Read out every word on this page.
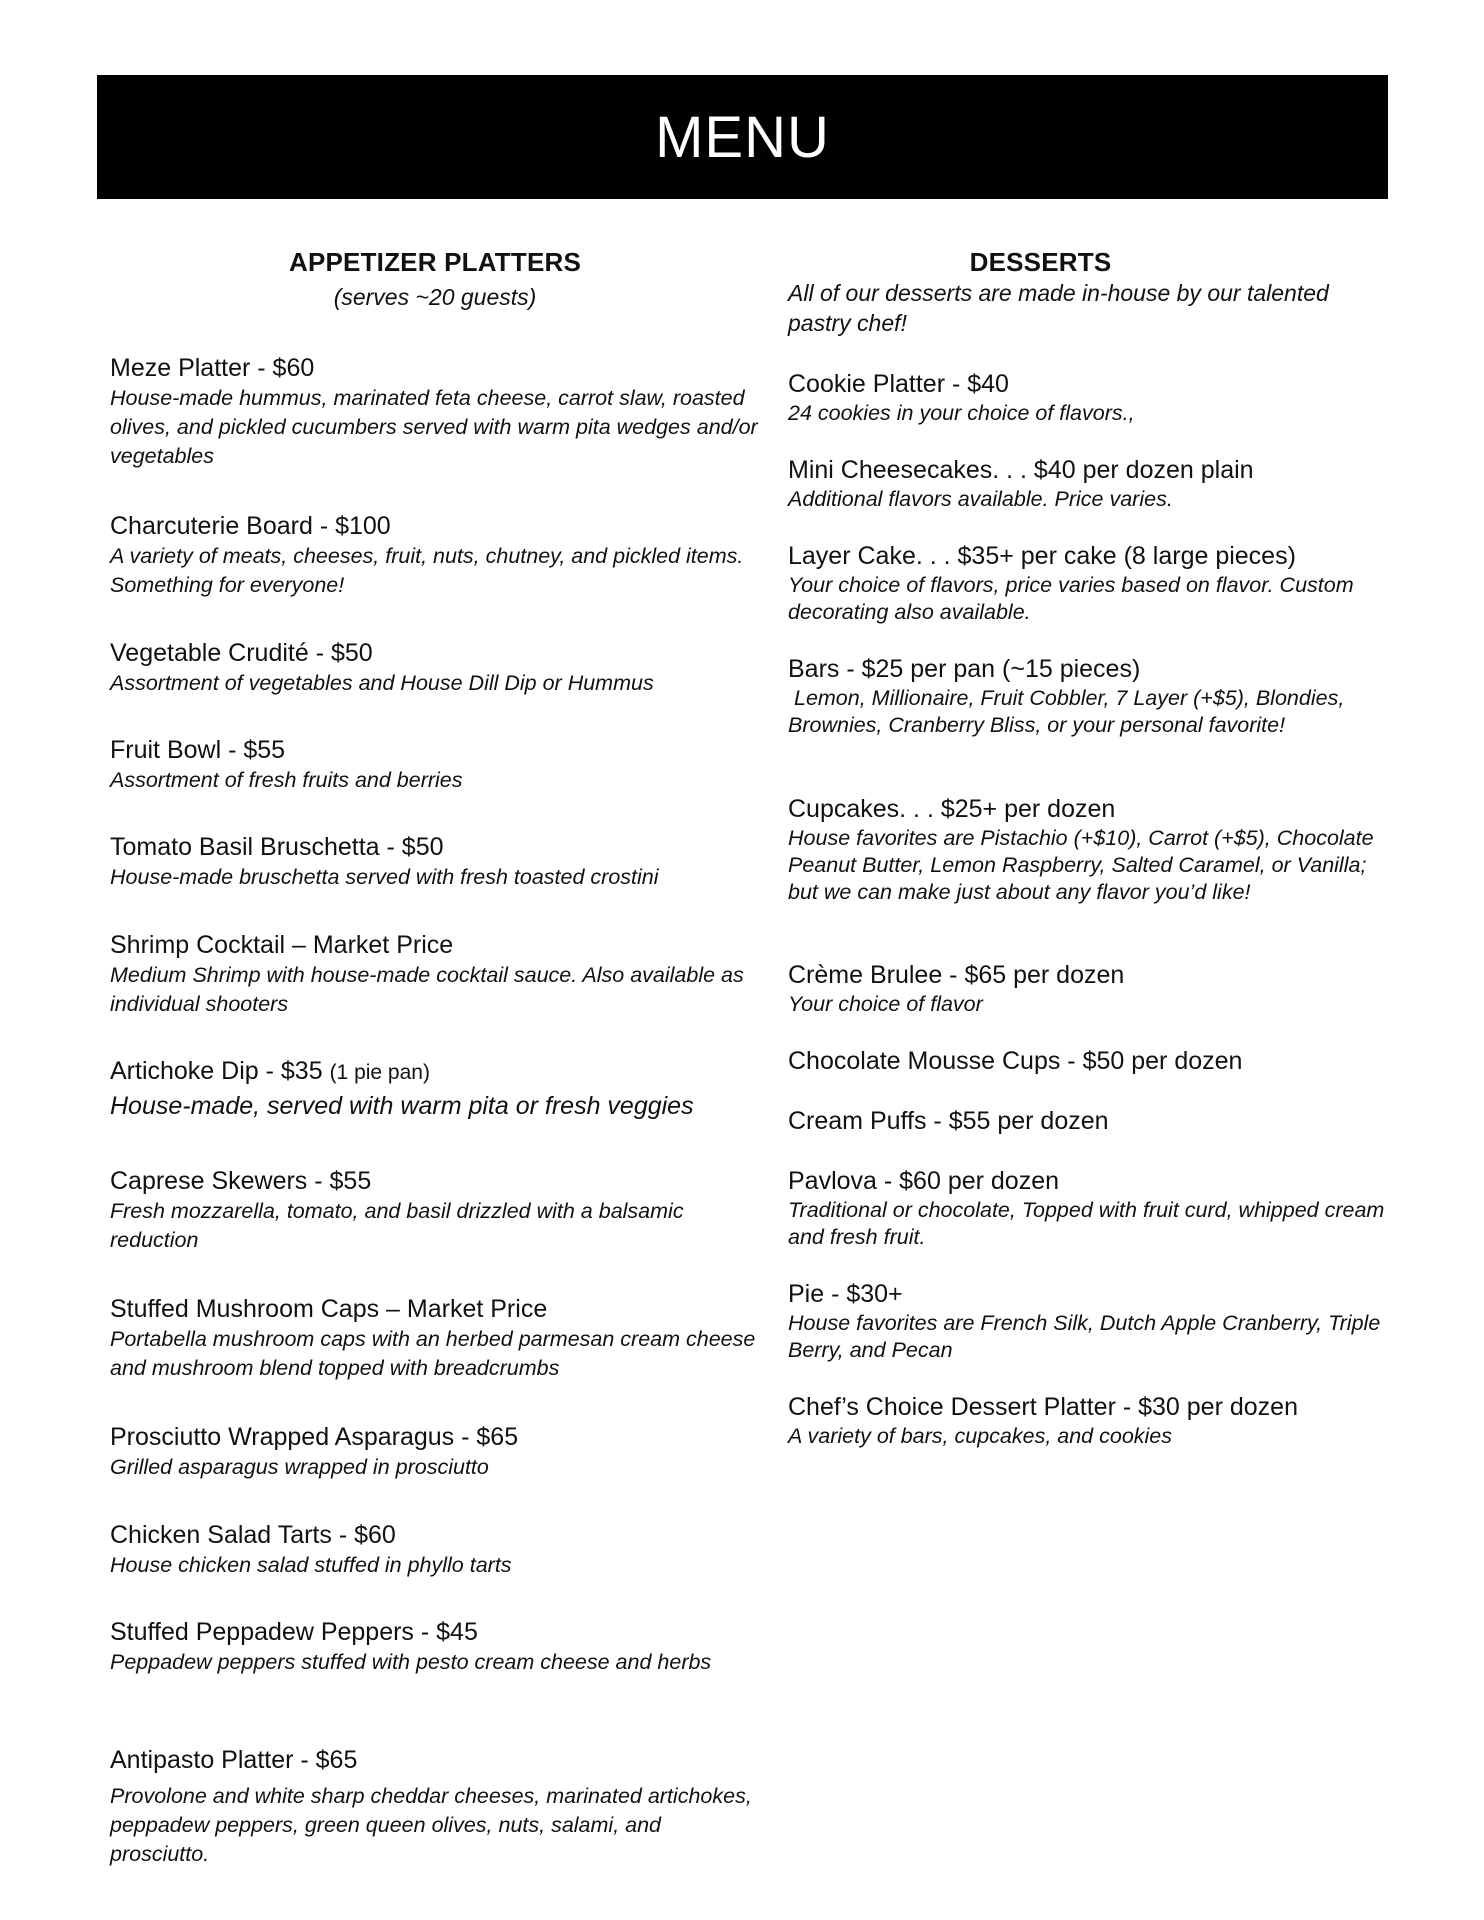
MENU
APPETIZER PLATTERS

(serves ~20 guests)

Meze Platter - $60

House-made hummus, marinated feta cheese, carrot slaw, roasted olives, and pickled cucumbers served with warm pita wedges and/or vegetables

Charcuterie Board - $100

A variety of meats, cheeses, fruit, nuts, chutney, and pickled items. Something for everyone!

Vegetable Crudité - $50

Assortment of vegetables and House Dill Dip or Hummus

Fruit Bowl - $55

Assortment of fresh fruits and berries

Tomato Basil Bruschetta - $50

House-made bruschetta served with fresh toasted crostini

Shrimp Cocktail – Market Price

Medium Shrimp with house-made cocktail sauce. Also available as individual shooters

Artichoke Dip - $35 (1 pie pan)

House-made, served with warm pita or fresh veggies

Caprese Skewers - $55

Fresh mozzarella, tomato, and basil drizzled with a balsamic reduction

Stuffed Mushroom Caps – Market Price

Portabella mushroom caps with an herbed parmesan cream cheese and mushroom blend topped with breadcrumbs

Prosciutto Wrapped Asparagus - $65

Grilled asparagus wrapped in prosciutto

Chicken Salad Tarts - $60

House chicken salad stuffed in phyllo tarts

Stuffed Peppadew Peppers - $45

Peppadew peppers stuffed with pesto cream cheese and herbs

Antipasto Platter - $65

Provolone and white sharp cheddar cheeses, marinated artichokes, peppadew peppers, green queen olives, nuts, salami, and prosciutto.

DESSERTS

All of our desserts are made in-house by our talented pastry chef!

Cookie Platter - $40

24 cookies in your choice of flavors.,

Mini Cheesecakes. . . $40 per dozen plain

Additional flavors available. Price varies.

Layer Cake. . . $35+ per cake (8 large pieces)

Your choice of flavors, price varies based on flavor. Custom decorating also available.

Bars - $25 per pan (~15 pieces)

Lemon, Millionaire, Fruit Cobbler, 7 Layer (+$5), Blondies, Brownies, Cranberry Bliss, or your personal favorite!

Cupcakes. . . $25+ per dozen

House favorites are Pistachio (+$10), Carrot (+$5), Chocolate Peanut Butter, Lemon Raspberry, Salted Caramel, or Vanilla; but we can make just about any flavor you’d like!

Crème Brulee - $65 per dozen

Your choice of flavor

Chocolate Mousse Cups - $50 per dozen

Cream Puffs - $55 per dozen

Pavlova - $60 per dozen

Traditional or chocolate, Topped with fruit curd, whipped cream and fresh fruit.

Pie - $30+

House favorites are French Silk, Dutch Apple Cranberry, Triple Berry, and Pecan

Chef’s Choice Dessert Platter - $30 per dozen

A variety of bars, cupcakes, and cookies
